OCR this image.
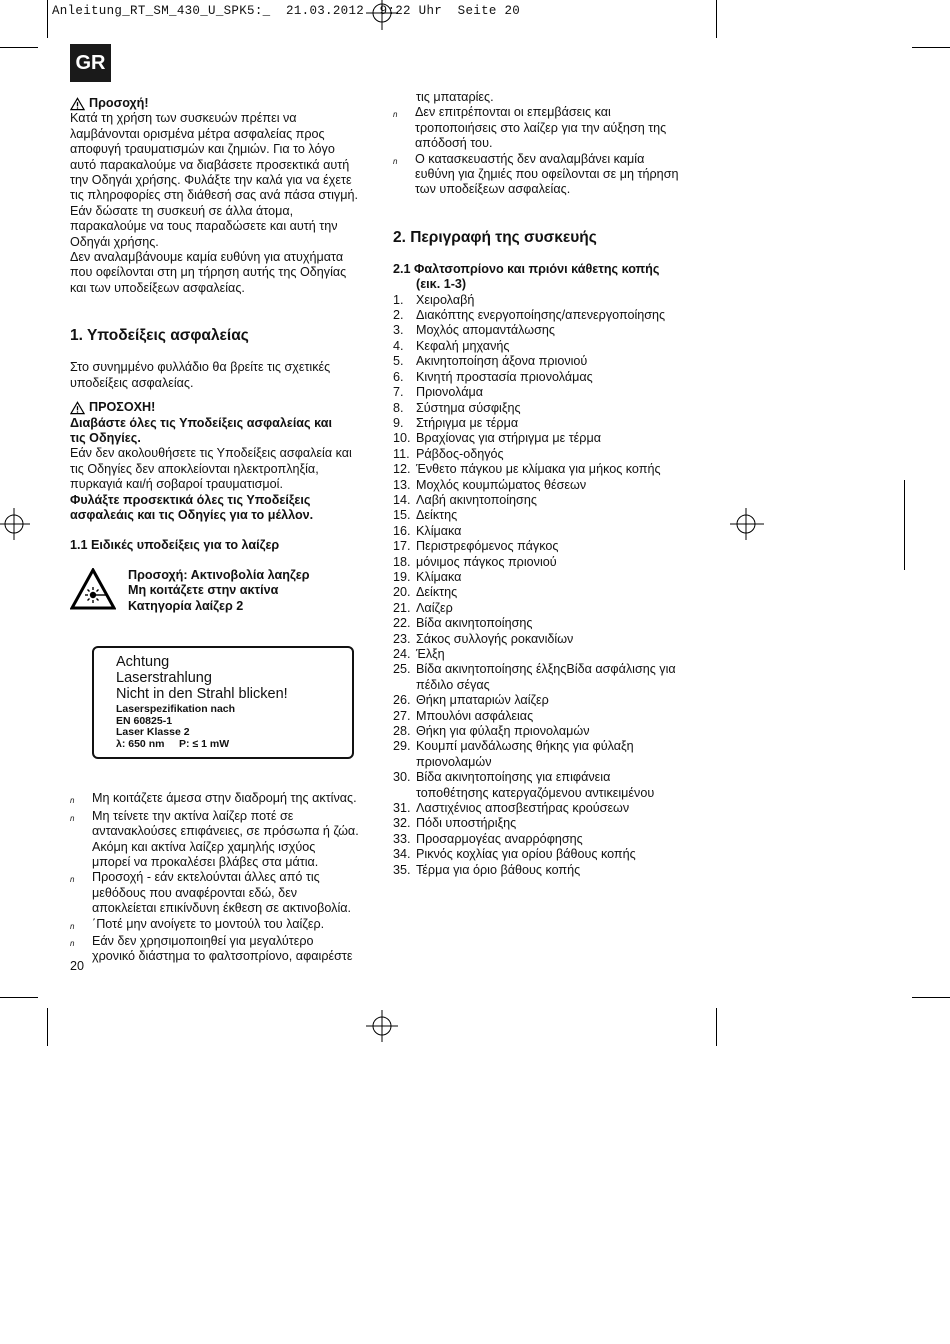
Anleitung_RT_SM_430_U_SPK5:_  21.03.2012  9:22 Uhr  Seite 20
GR
Προσοχή!

Κατά τη χρήση των συσκευών πρέπει να

λαμβάνονται ορισμένα μέτρα ασφαλείας προς

αποφυγή τραυματισμών και ζημιών. Για το λόγο

αυτό παρακαλούμε να διαβάσετε προσεκτικά αυτή

την Οδηγάι χρήσης. Φυλάξτε την καλά για να έχετε

τις πληροφορίες στη διάθεσή σας ανά πάσα στιγμή.

Εάν δώσατε τη συσκευή σε άλλα άτομα,

παρακαλούμε να τους παραδώσετε και αυτή την

Οδηγάι χρήσης.

Δεν αναλαμβάνουμε καμία ευθύνη για ατυχήματα

που οφείλονται στη μη τήρηση αυτής της Οδηγίας

και των υποδείξεων ασφαλείας.

1. Υποδείξεις ασφαλείας

Στο συνημμένο φυλλάδιο θα βρείτε τις σχετικές

υποδείξεις ασφαλείας.

ΠΡΟΣΟΧΗ!

Διαβάστε όλες τις Υποδείξεις ασφαλείας και

τις Οδηγίες.

Εάν δεν ακολουθήσετε τις Υποδείξεις ασφαλεία και

τις Οδηγίες δεν αποκλείονται ηλεκτροπληξία,

πυρκαγιά και/ή σοβαροί τραυματισμοί.

Φυλάξτε προσεκτικά όλες τις Υποδείξεις

ασφαλεάις και τις Οδηγίες για το μέλλον.

1.1 Ειδικές υποδείξεις για το λαίζερ

Προσοχή: Ακτινοβολία λαηζερ

Μη κοιτάζετε στην ακτίνα

Κατηγορία λαίζερ 2

Achtung

Laserstrahlung

Nicht in den Strahl blicken!

Laserspezifikation nach

EN 60825-1

Laser Klasse 2

λ: 650 nm     P: ≤ 1 mW

n	Μη κοιτάζετε άμεσα στην διαδρομή της ακτίνας.

n	Μη τείνετε την ακτίνα λαίζερ ποτέ σε

αντανακλούσες επιφάνειες, σε πρόσωπα ή ζώα.

Ακόμη και ακτίνα λαίζερ χαμηλής ισχύος

μπορεί να προκαλέσει βλάβες στα μάτια.

n	Προσοχή - εάν εκτελούνται άλλες από τις

μεθόδους που αναφέρονται εδώ, δεν

αποκλείεται επικίνδυνη έκθεση σε ακτινοβολία.

n	΄Ποτέ μην ανοίγετε το μοντούλ του λαίζερ.

n	Εάν δεν χρησιμοποιηθεί για μεγαλύτερο

χρονικό διάστημα το φαλτσοπρίονο, αφαιρέστε

20

τις μπαταρίες.

n	Δεν επιτρέπονται οι επεμβάσεις και

τροποποιήσεις στο λαίζερ για την αύξηση της

απόδοσή του.

n	Ο κατασκευαστής δεν αναλαμβάνει καμία

ευθύνη για ζημιές που οφείλονται σε μη τήρηση

των υποδείξεων ασφαλείας.

2. Περιγραφή της συσκευής

2.1 Φαλτσοπρίονο και πριόνι κάθετης κοπής

(εικ. 1-3)

1. Χειρολαβή

2. Διακόπτης ενεργοποίησης/απενεργοποίησης

3. Μοχλός απομαντάλωσης

4. Κεφαλή μηχανής

5. Ακινητοποίηση άξονα πριονιού

6. Κινητή προστασία πριονολάμας

7. Πριονολάμα

8. Σύστημα σύσφιξης

9. Στήριγμα με τέρμα

10. Βραχίονας για στήριγμα με τέρμα

11. Ράβδος-οδηγός

12. Ένθετο πάγκου με κλίμακα για μήκος κοπής

13. Μοχλός κουμπώματος θέσεων

14. Λαβή ακινητοποίησης

15. Δείκτης

16. Κλίμακα

17. Περιστρεφόμενος πάγκος

18. μόνιμος πάγκος πριονιού

19. Κλίμακα

20. Δείκτης

21. Λαίζερ

22. Βίδα ακινητοποίησης

23. Σάκος συλλογής ροκανιδίων

24. Έλξη

25. Βίδα ακινητοποίησης έλξηςΒίδα ασφάλισης για

πέδιλο σέγας

26. Θήκη μπαταριών λαίζερ

27. Μπουλόνι ασφάλειας

28. Θήκη για φύλαξη πριονολαμών

29. Κουμπί μανδάλωσης θήκης για φύλαξη

πριονολαμών

30. Βίδα ακινητοποίησης για επιφάνεια

τοποθέτησης κατεργαζόμενου αντικειμένου

31. Λαστιχένιος αποσβεστήρας κρούσεων

32. Πόδι υποστήριξης

33. Προσαρμογέας αναρρόφησης

34. Ρικνός κοχλίας για ορίου βάθους κοπής

35. Τέρμα για όριο βάθους κοπής
